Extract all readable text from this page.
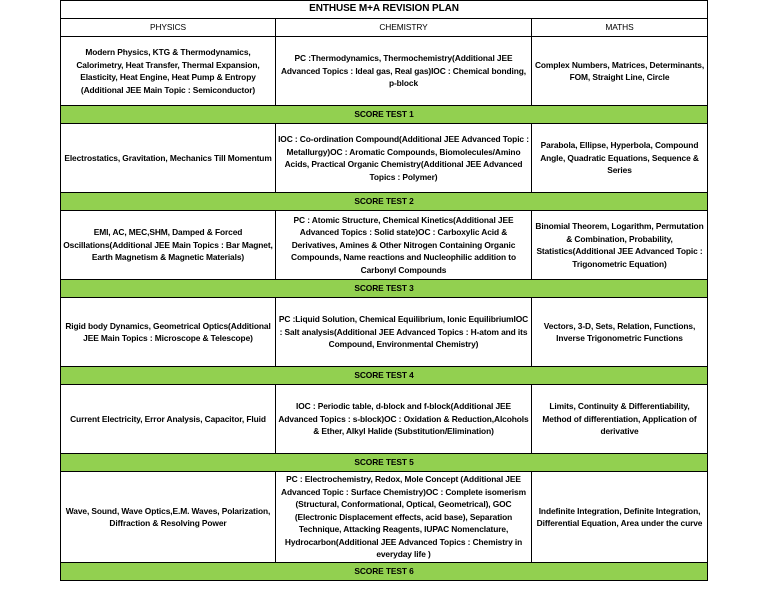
ENTHUSE M+A REVISION PLAN		
PHYSICS	CHEMISTRY	MATHS
Modern Physics, KTG & Thermodynamics, Calorimetry, Heat Transfer, Thermal Expansion, Elasticity, Heat Engine, Heat Pump & Entropy (Additional JEE Main Topic : Semiconductor)	PC :Thermodynamics, Thermochemistry(Additional JEE Advanced Topics : Ideal gas, Real gas)IOC : Chemical bonding, p-block	Complex Numbers, Matrices, Determinants, FOM, Straight Line, Circle
SCORE TEST 1		
Electrostatics, Gravitation, Mechanics Till Momentum	IOC : Co-ordination Compound(Additional JEE Advanced Topic : Metallurgy)OC : Aromatic Compounds, Biomolecules/Amino Acids, Practical Organic Chemistry(Additional JEE Advanced Topics : Polymer)	Parabola, Ellipse, Hyperbola, Compound Angle, Quadratic Equations, Sequence & Series
SCORE TEST 2		
EMI, AC, MEC,SHM, Damped & Forced Oscillations(Additional JEE Main Topics : Bar Magnet, Earth Magnetism & Magnetic Materials)	PC : Atomic Structure, Chemical Kinetics(Additional JEE Advanced Topics : Solid state)OC : Carboxylic Acid & Derivatives, Amines & Other Nitrogen Containing Organic Compounds, Name reactions and Nucleophilic addition to Carbonyl Compounds	Binomial Theorem, Logarithm, Permutation & Combination, Probability, Statistics(Additional JEE Advanced Topic : Trigonometric Equation)
SCORE TEST 3		
Rigid body Dynamics, Geometrical Optics(Additional JEE Main Topics : Microscope & Telescope)	PC :Liquid Solution, Chemical Equilibrium, Ionic EquilibriumIOC : Salt analysis(Additional JEE Advanced Topics : H-atom and its Compound, Environmental Chemistry)	Vectors, 3-D, Sets, Relation, Functions, Inverse Trigonometric Functions
SCORE TEST 4		
Current Electricity, Error Analysis, Capacitor, Fluid	IOC : Periodic table, d-block and f-block(Additional JEE Advanced Topics : s-block)OC : Oxidation & Reduction,Alcohols & Ether, Alkyl Halide (Substitution/Elimination)	Limits, Continuity & Differentiability, Method of differentiation, Application of derivative
SCORE TEST 5		
Wave, Sound, Wave Optics,E.M. Waves, Polarization, Diffraction & Resolving Power	PC : Electrochemistry, Redox, Mole Concept (Additional JEE Advanced Topic : Surface Chemistry)OC : Complete isomerism (Structural, Conformational, Optical, Geometrical), GOC (Electronic Displacement effects, acid base), Separation Technique, Attacking Reagents, IUPAC Nomenclature, Hydrocarbon(Additional JEE Advanced Topics : Chemistry in everyday life )	Indefinite Integration, Definite Integration, Differential Equation, Area under the curve
SCORE TEST 6		
